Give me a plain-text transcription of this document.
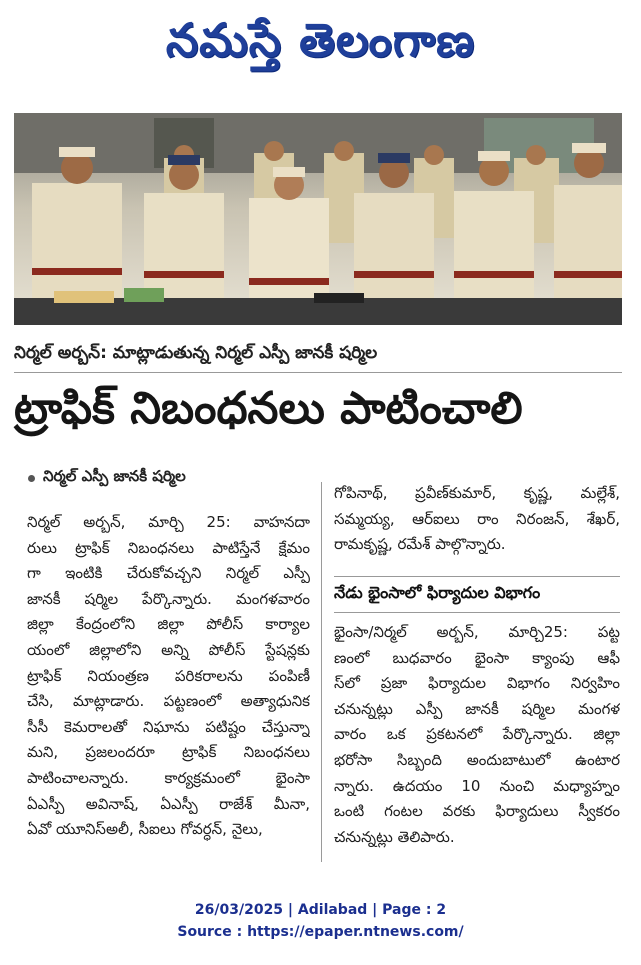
నమస్తే తెలంగాణ
నిర్మల్ అర్బన్: మాట్లాడుతున్న నిర్మల్ ఎస్పీ జానకీ షర్మిల
ట్రాఫిక్ నిబంధనలు పాటించాలి
నిర్మల్ ఎస్పీ జానకీ షర్మిల
నిర్మల్ అర్బన్, మార్చి 25: వాహనదా
రులు ట్రాఫిక్ నిబంధనలు పాటిస్తేనే క్షేమం
గా ఇంటికి చేరుకోవచ్చని నిర్మల్ ఎస్పీ
జానకీ షర్మిల పేర్కొన్నారు. మంగళవారం
జిల్లా కేంద్రంలోని జిల్లా పోలీస్ కార్యాల
యంలో జిల్లాలోని అన్ని పోలీస్ స్టేషన్లకు
ట్రాఫిక్ నియంత్రణ పరికరాలను పంపిణీ
చేసి, మాట్లాడారు. పట్టణంలో అత్యాధునిక
సీసీ కెమరాలతో నిఘాను పటిష్టం చేస్తున్నా
మని, ప్రజలందరూ ట్రాఫిక్ నిబంధనలు
పాటించాలన్నారు. కార్యక్రమంలో భైంసా
ఏఎస్పీ అవినాష్, ఏఎస్పీ రాజేశ్ మీనా,
ఏవో యూనిస్‌అలీ, సీఐలు గోవర్ధన్, నైలు,
గోపినాథ్, ప్రవీణ్‌కుమార్, కృష్ణ, మల్లేశ్,
సమ్మయ్య, ఆర్ఐలు రాం నిరంజన్, శేఖర్,
రామకృష్ణ, రమేశ్ పాల్గొన్నారు.
నేడు భైంసాలో ఫిర్యాదుల విభాగం
భైంసా/నిర్మల్ అర్బన్, మార్చి25: పట్ట
ణంలో బుధవారం భైంసా క్యాంపు ఆఫీ
స్‌లో ప్రజా ఫిర్యాదుల విభాగం నిర్వహిం
చనున్నట్లు ఎస్పీ జానకీ షర్మిల మంగళ
వారం ఒక ప్రకటనలో పేర్కొన్నారు. జిల్లా
భరోసా సిబ్బంది అందుబాటులో ఉంటార
న్నారు. ఉదయం 10 నుంచి మధ్యాహ్నం
ఒంటి గంటల వరకు ఫిర్యాదులు స్వీకరం
చనున్నట్లు తెలిపారు.
26/03/2025 | Adilabad | Page : 2
Source : https://epaper.ntnews.com/
